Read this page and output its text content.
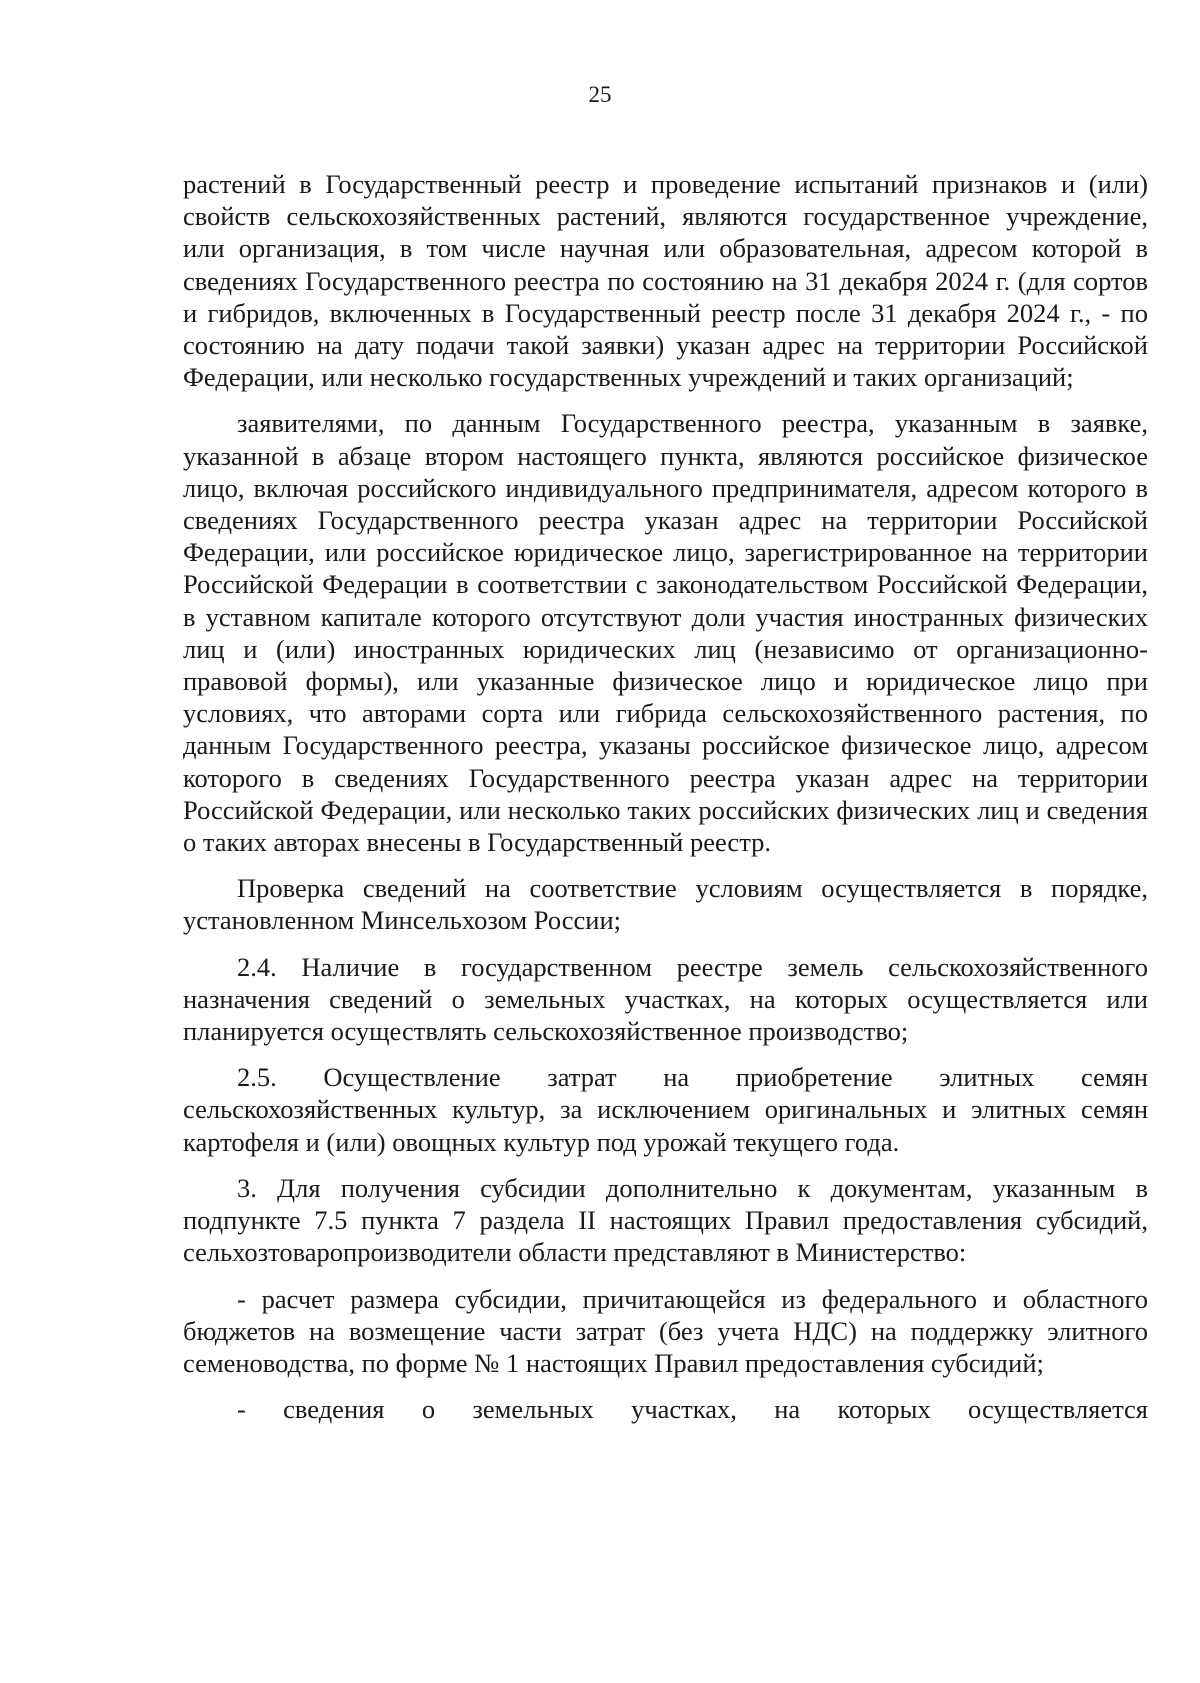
25

растений в Государственный реестр и проведение испытаний признаков и (или) свойств сельскохозяйственных растений, являются государственное учреждение, или организация, в том числе научная или образовательная, адресом которой в сведениях Государственного реестра по состоянию на 31 декабря 2024 г. (для сортов и гибридов, включенных в Государственный реестр после 31 декабря 2024 г., - по состоянию на дату подачи такой заявки) указан адрес на территории Российской Федерации, или несколько государственных учреждений и таких организаций;

заявителями, по данным Государственного реестра, указанным в заявке, указанной в абзаце втором настоящего пункта, являются российское физическое лицо, включая российского индивидуального предпринимателя, адресом которого в сведениях Государственного реестра указан адрес на территории Российской Федерации, или российское юридическое лицо, зарегистрированное на территории Российской Федерации в соответствии с законодательством Российской Федерации, в уставном капитале которого отсутствуют доли участия иностранных физических лиц и (или) иностранных юридических лиц (независимо от организационно-правовой формы), или указанные физическое лицо и юридическое лицо при условиях, что авторами сорта или гибрида сельскохозяйственного растения, по данным Государственного реестра, указаны российское физическое лицо, адресом которого в сведениях Государственного реестра указан адрес на территории Российской Федерации, или несколько таких российских физических лиц и сведения о таких авторах внесены в Государственный реестр.

Проверка сведений на соответствие условиям осуществляется в порядке, установленном Минсельхозом России;

2.4. Наличие в государственном реестре земель сельскохозяйственного назначения сведений о земельных участках, на которых осуществляется или планируется осуществлять сельскохозяйственное производство;

2.5. Осуществление затрат на приобретение элитных семян сельскохозяйственных культур, за исключением оригинальных и элитных семян картофеля и (или) овощных культур под урожай текущего года.

3. Для получения субсидии дополнительно к документам, указанным в подпункте 7.5 пункта 7 раздела II настоящих Правил предоставления субсидий, сельхозтоваропроизводители области представляют в Министерство:

- расчет размера субсидии, причитающейся из федерального и областного бюджетов на возмещение части затрат (без учета НДС) на поддержку элитного семеноводства, по форме № 1 настоящих Правил предоставления субсидий;

- сведения о земельных участках, на которых осуществляется
